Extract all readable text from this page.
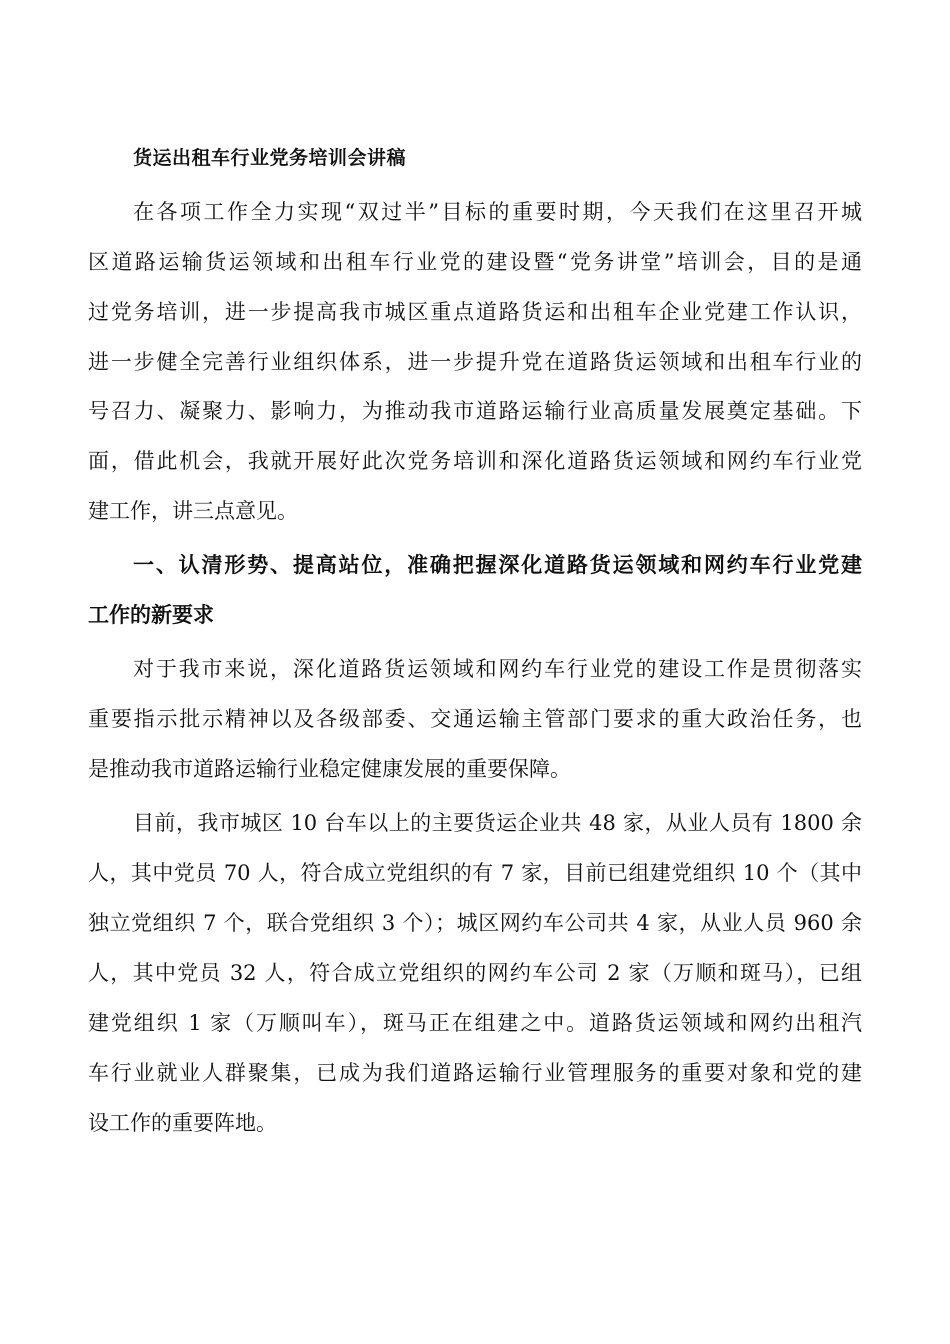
货运出租车行业党务培训会讲稿
在各项工作全力实现“双过半”目标的重要时期，今天我们在这里召开城
区道路运输货运领域和出租车行业党的建设暨“党务讲堂”培训会，目的是通
过党务培训，进一步提高我市城区重点道路货运和出租车企业党建工作认识，
进一步健全完善行业组织体系，进一步提升党在道路货运领域和出租车行业的
号召力、凝聚力、影响力，为推动我市道路运输行业高质量发展奠定基础。下
面，借此机会，我就开展好此次党务培训和深化道路货运领域和网约车行业党
建工作，讲三点意见。
一、认清形势、提高站位，准确把握深化道路货运领域和网约车行业党建
工作的新要求
对于我市来说，深化道路货运领域和网约车行业党的建设工作是贯彻落实
重要指示批示精神以及各级部委、交通运输主管部门要求的重大政治任务，也
是推动我市道路运输行业稳定健康发展的重要保障。
目前，我市城区 10 台车以上的主要货运企业共 48 家，从业人员有 1800 余
人，其中党员 70 人，符合成立党组织的有 7 家，目前已组建党组织 10 个（其中
独立党组织 7 个，联合党组织 3 个）；城区网约车公司共 4 家，从业人员 960 余
人，其中党员 32 人，符合成立党组织的网约车公司 2 家（万顺和斑马），已组
建党组织 1 家（万顺叫车），斑马正在组建之中。道路货运领域和网约出租汽
车行业就业人群聚集，已成为我们道路运输行业管理服务的重要对象和党的建
设工作的重要阵地。
